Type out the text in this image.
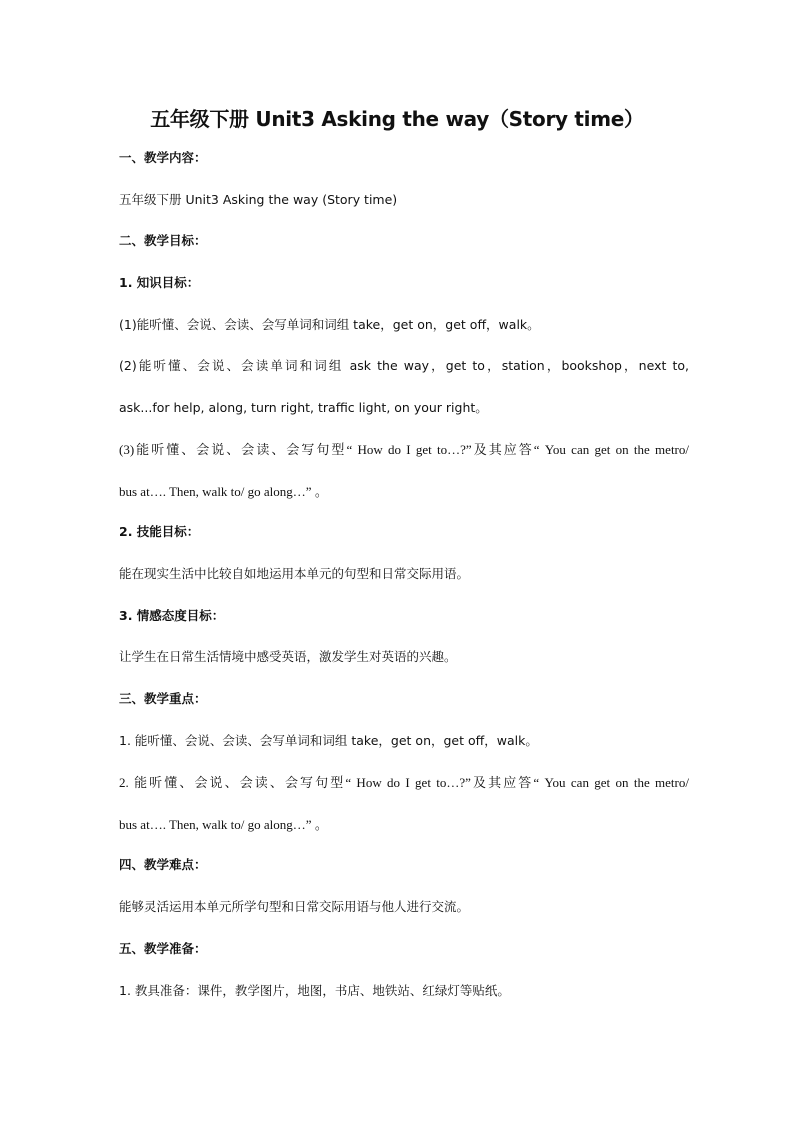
五年级下册 Unit3 Asking the way（Story time）
一、教学内容：
五年级下册 Unit3 Asking the way (Story time)
二、教学目标：
1. 知识目标：
(1)能听懂、会说、会读、会写单词和词组 take，get on，get off，walk。
(2)能听懂、会说、会读单词和词组 ask the way，get to，station，bookshop，next to,
ask...for help, along, turn right, traffic light, on your right。
(3)能听懂、会说、会读、会写句型“ How do I get to…?”及其应答“ You can get on the metro/
bus at…. Then, walk to/ go along…” 。
2. 技能目标：
能在现实生活中比较自如地运用本单元的句型和日常交际用语。
3. 情感态度目标：
让学生在日常生活情境中感受英语，激发学生对英语的兴趣。
三、教学重点：
1. 能听懂、会说、会读、会写单词和词组 take，get on，get off，walk。
2. 能听懂、会说、会读、会写句型“ How do I get to…?”及其应答“ You can get on the metro/
bus at…. Then, walk to/ go along…” 。
四、教学难点：
能够灵活运用本单元所学句型和日常交际用语与他人进行交流。
五、教学准备：
1. 教具准备：课件，教学图片，地图，书店、地铁站、红绿灯等贴纸。
